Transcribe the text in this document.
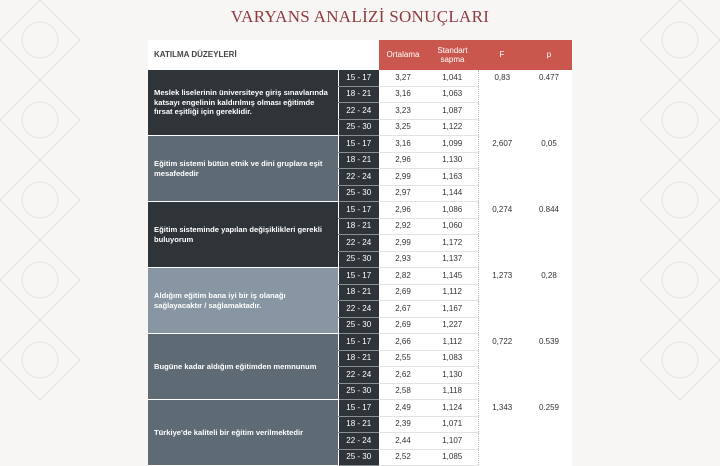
VARYANS ANALİZİ SONUÇLARI
KATILMA DÜZEYLERİ		Ortalama	Standart sapma	F	p
Meslek liselerinin üniversiteye giriş sınavlarında katsayı engelinin kaldırılmış olması eğitimde fırsat eşitliği için gereklidir.	15 - 17	3,27	1,041	0,83	0.477
	18 - 21	3,16	1,063		
	22 - 24	3,23	1,087		
	25 - 30	3,25	1,122		
Eğitim sistemi bütün etnik ve dini gruplara eşit mesafededir	15 - 17	3,16	1,099	2,607	0,05
	18 - 21	2,96	1,130		
	22 - 24	2,99	1,163		
	25 - 30	2,97	1,144		
Eğitim sisteminde yapılan değişiklikleri gerekli buluyorum	15 - 17	2,96	1,086	0,274	0.844
	18 - 21	2,92	1,060		
	22 - 24	2,99	1,172		
	25 - 30	2,93	1,137		
Aldığım eğitim bana iyi bir iş olanağı sağlayacaktır / sağlamaktadır.	15 - 17	2,82	1,145	1,273	0,28
	18 - 21	2,69	1,112		
	22 - 24	2,67	1,167		
	25 - 30	2,69	1,227		
Bugüne kadar aldığım eğitimden memnunum	15 - 17	2,66	1,112	0,722	0.539
	18 - 21	2,55	1,083		
	22 - 24	2,62	1,130		
	25 - 30	2,58	1,118		
Türkiye'de kaliteli bir eğitim verilmektedir	15 - 17	2,49	1,124	1,343	0.259
	18 - 21	2,39	1,071		
	22 - 24	2,44	1,107		
	25 - 30	2,52	1,085		
